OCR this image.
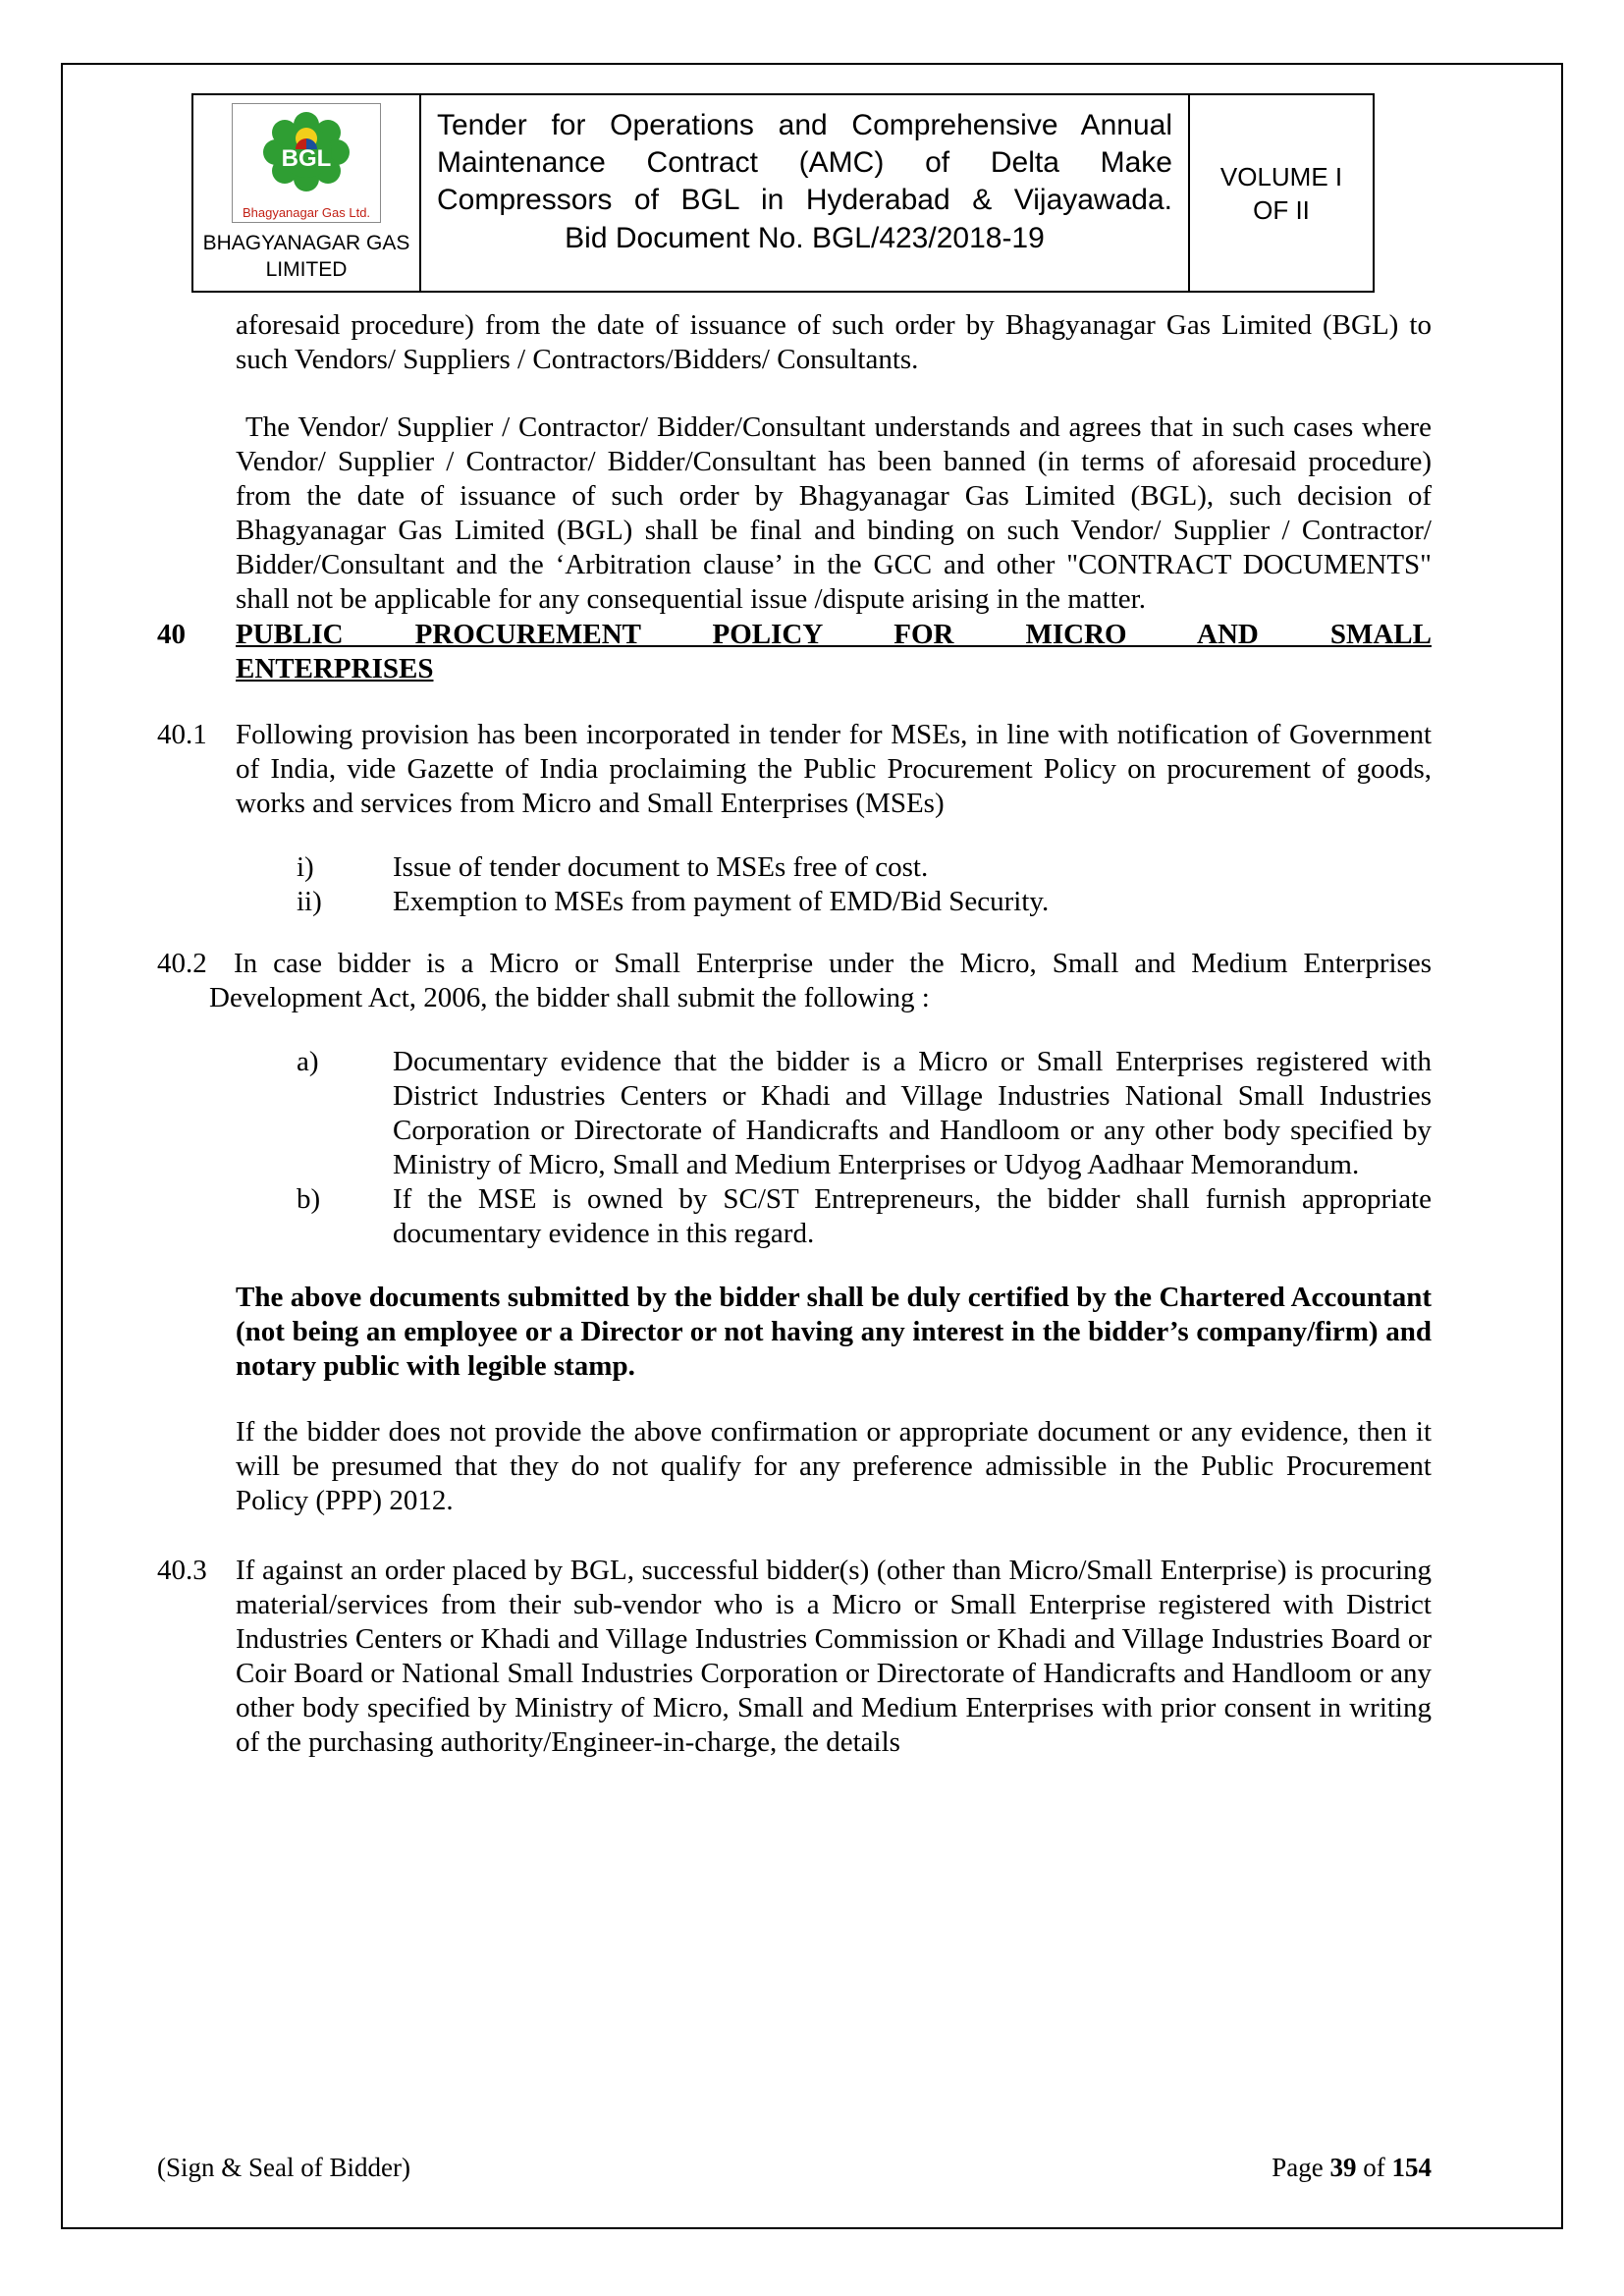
BGL
Bhagyanagar Gas Ltd.
BHAGYANAGAR GAS
LIMITED
Tender for Operations and Comprehensive Annual
Maintenance Contract (AMC) of Delta Make
Compressors of BGL in Hyderabad & Vijayawada.
Bid Document No. BGL/423/2018-19
VOLUME I
OF II

aforesaid procedure) from the date of issuance of such order by Bhagyanagar Gas Limited (BGL) to such Vendors/ Suppliers / Contractors/Bidders/ Consultants.

The Vendor/ Supplier / Contractor/ Bidder/Consultant understands and agrees that in such cases where Vendor/ Supplier / Contractor/ Bidder/Consultant has been banned (in terms of aforesaid procedure) from the date of issuance of such order by Bhagyanagar Gas Limited (BGL), such decision of Bhagyanagar Gas Limited (BGL) shall be final and binding on such Vendor/ Supplier / Contractor/ Bidder/Consultant and the ‘Arbitration clause’ in the GCC and other "CONTRACT DOCUMENTS" shall not be applicable for any consequential issue /dispute arising in the matter.

40	PUBLIC PROCUREMENT POLICY FOR MICRO AND SMALL
ENTERPRISES
40.1	Following provision has been incorporated in tender for MSEs, in line with notification of Government of India, vide Gazette of India proclaiming the Public Procurement Policy on procurement of goods, works and services from Micro and Small Enterprises (MSEs)
i)	Issue of tender document to MSEs free of cost.
ii)	Exemption to MSEs from payment of EMD/Bid Security.

40.2 In case bidder is a Micro or Small Enterprise under the Micro, Small and Medium Enterprises Development Act, 2006, the bidder shall submit the following :

a)	Documentary evidence that the bidder is a Micro or Small Enterprises registered with District Industries Centers or Khadi and Village Industries National Small Industries Corporation or Directorate of Handicrafts and Handloom or any other body specified by Ministry of Micro, Small and Medium Enterprises or Udyog Aadhaar Memorandum.
b)	If the MSE is owned by SC/ST Entrepreneurs, the bidder shall furnish appropriate documentary evidence in this regard.

The above documents submitted by the bidder shall be duly certified by the Chartered Accountant (not being an employee or a Director or not having any interest in the bidder’s company/firm) and notary public with legible stamp.

If the bidder does not provide the above confirmation or appropriate document or any evidence, then it will be presumed that they do not qualify for any preference admissible in the Public Procurement Policy (PPP) 2012.

40.3	If against an order placed by BGL, successful bidder(s) (other than Micro/Small Enterprise) is procuring material/services from their sub-vendor who is a Micro or Small Enterprise registered with District Industries Centers or Khadi and Village Industries Commission or Khadi and Village Industries Board or Coir Board or National Small Industries Corporation or Directorate of Handicrafts and Handloom or any other body specified by Ministry of Micro, Small and Medium Enterprises with prior consent in writing of the purchasing authority/Engineer-in-charge, the details
(Sign & Seal of Bidder)	Page 39 of 154
